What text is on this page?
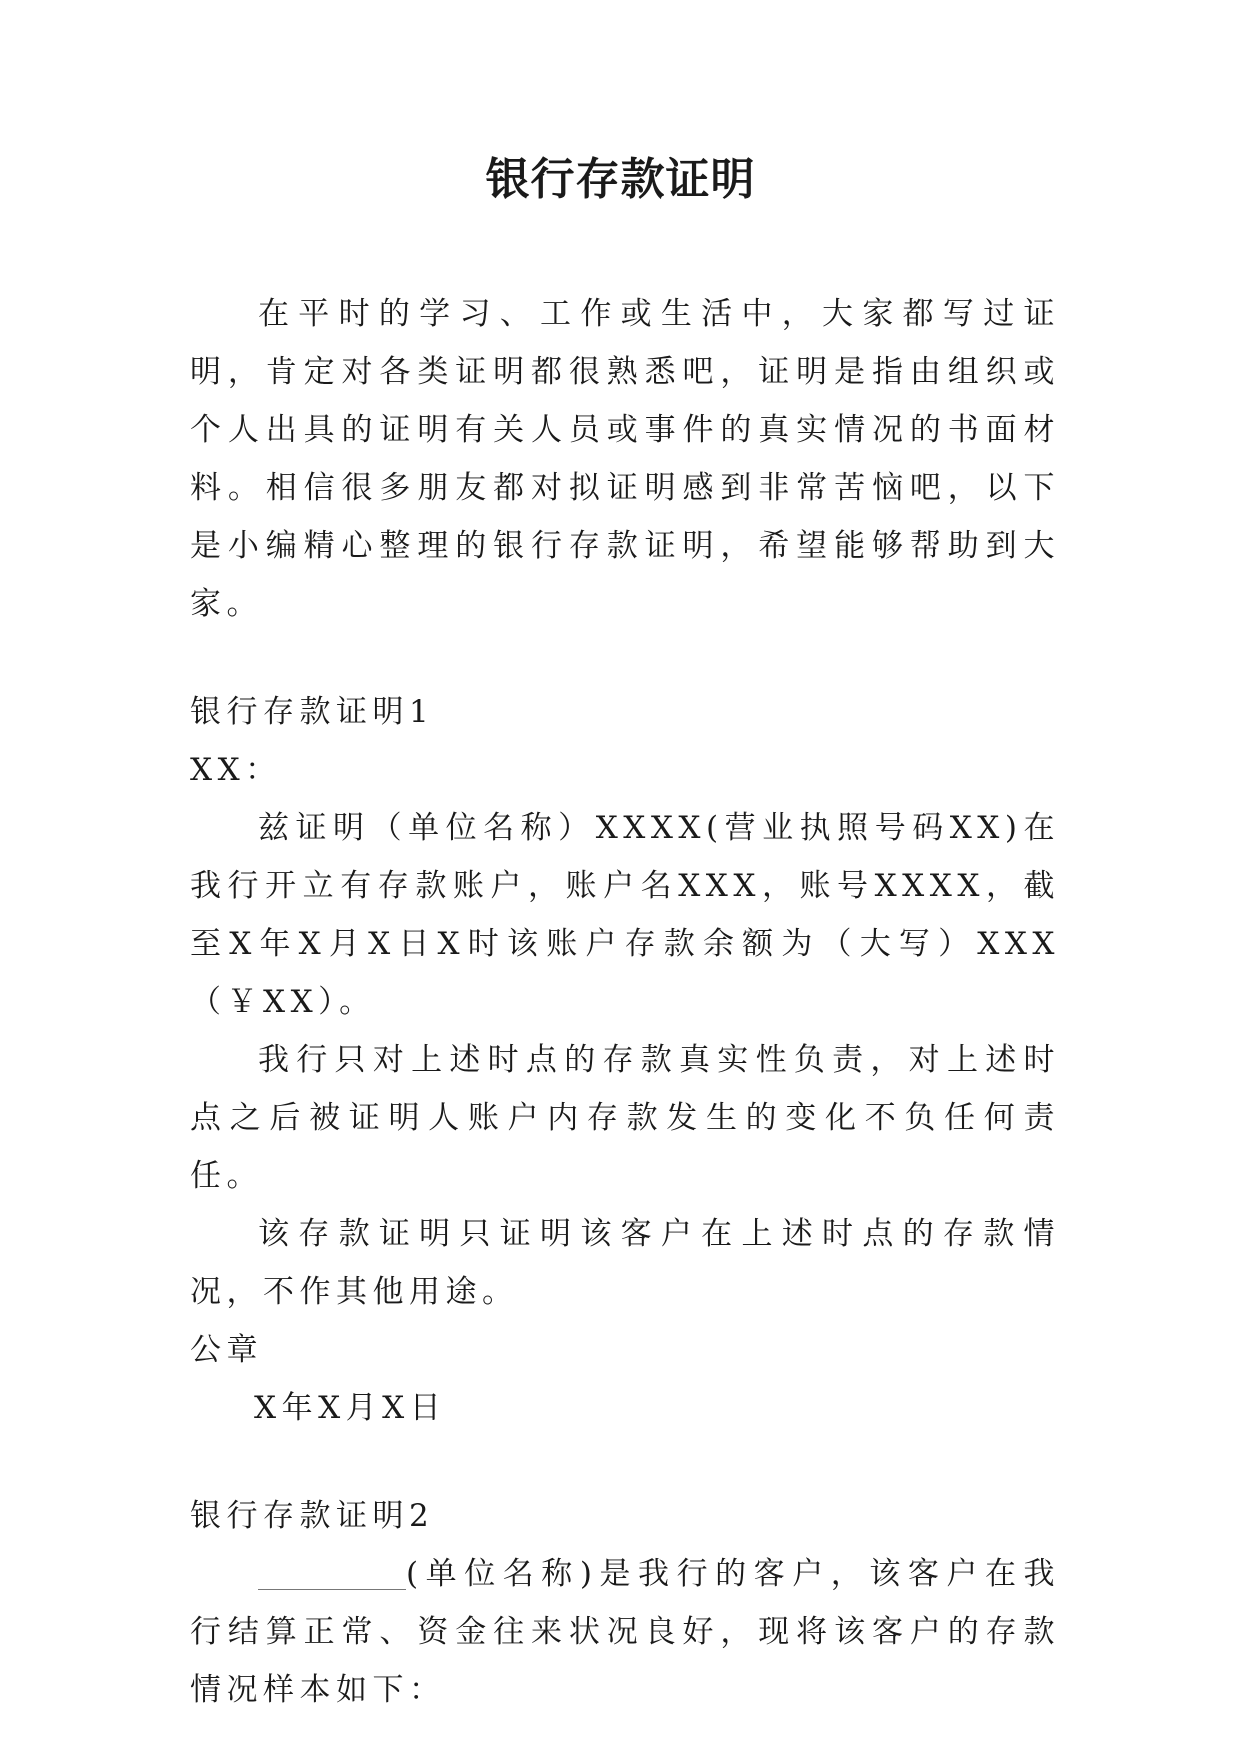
银行存款证明

在平时的学习、工作或生活中，大家都写过证明，肯定对各类证明都很熟悉吧，证明是指由组织或个人出具的证明有关人员或事件的真实情况的书面材料。相信很多朋友都对拟证明感到非常苦恼吧，以下是小编精心整理的银行存款证明，希望能够帮助到大家。

银行存款证明1

XX：

兹证明（单位名称）XXXX(营业执照号码XX)在我行开立有存款账户，账户名XXX，账号XXXX，截至X年X月X日X时该账户存款余额为（大写）XXX（￥XX）。

我行只对上述时点的存款真实性负责，对上述时点之后被证明人账户内存款发生的变化不负任何责任。

该存款证明只证明该客户在上述时点的存款情况，不作其他用途。

公章

X年X月X日

银行存款证明2

(单位名称)是我行的客户，该客户在我行结算正常、资金往来状况良好，现将该客户的存款情况样本如下：
